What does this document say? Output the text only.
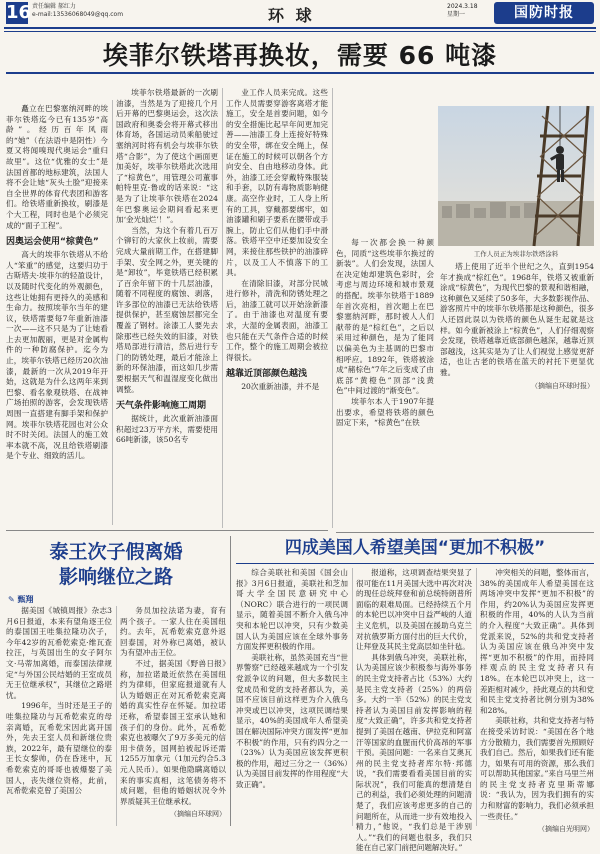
16 责任编辑 郝红力
e-mail:13536068049@qq.com	环 球	2024.3.18
星期一	国防时报
埃菲尔铁塔再换妆，需要 66 吨漆

矗立在巴黎塞纳河畔的埃菲尔铁塔迄今已有135岁“高龄”。经历百年风雨的“她”（在法语中是阴性）今夏又将闻嗅现代奥运会“重归故里”。这位“优雅的女士”是法国首都的地标建筑，法国人将不会让她“灰头土脸”迎接来自全世界的体育代表团和游客们。给铁塔重新换妆，刷漆是个大工程，同时也是个必须完成的“面子工程”。

因奥运会使用“棕黄色”

高大的埃菲尔铁塔从不给人“笨重”的感觉，这要归功于古斯塔夫·埃菲尔的轻盈设计，以及随时代变化的外观颜色，这些让她拥有更持久的美感和生命力。按照埃菲尔当年的建议，铁塔需要每7年重新油漆一次——这不只是为了让她看上去更加靓丽，更是对金属构件的一种防腐保护。迄今为止，埃菲尔铁塔已经历20次油漆，最新的一次从2019年开始，这就是为什么这两年来到巴黎、看名象观铁塔、在战神广场拍照的游客，会发现铁塔周围一直搭建有脚手架和保护网。埃菲尔铁塔花园也对公众时不时关闭。法国人的施工效率本就不高，况且给铁塔刷漆是个专业、细致的活儿。

埃菲尔铁塔最新的一次刷油漆，当然是为了迎接几个月后开幕的巴黎奥运会，这次法国政府和奥委会将开幕式移出体育场，各国运动员乘船驶过塞纳河时将有机会与埃菲尔铁塔“合影”，为了使这个画面更加美好，埃菲尔铁塔此次选用了“棕黄色”，用管理公司董事帕特里克·鲁或的话来说：“这是为了让埃菲尔铁塔在2024年巴黎奥运会期间看起来更加‘金光灿烂’！”。

当然，为这个有着几百万个铆钉的大家伙上妆前，需要完成大量前期工作，在搭建脚手架、安全网之外，更关键的是“卸妆”，毕竟铁塔已经积累了百余年留下的十几层油漆，随着不同程度的腐蚀、剥落，许多部位的油漆已无法给铁塔提供保护，甚至腐蚀层都完全覆盖了钢材。涂漆工人要先去除那些已经失效的旧漆，对铁塔局部进行清洁，然后进行专门的防锈处理，最后才能涂上新的环保油漆，而这如几步需要根据天气和温湿度变化做出调整。

天气条件影响施工周期

据统计，此次重新油漆面积超过23万平方米，需要使用66吨新漆，该50名专

业工作人员来完成。这些工作人员需要穿游客离塔才能施工，安全是首要问题，如今的安全措施比起早年间更加完善——油漆工身上连接好特殊的安全带，绑在安全绳上，保证在施工的时候可以朝各个方向安全、自由地移动身体。此外，油漆工还会穿戴特殊服装和手套，以防有毒物质影响健康。高空作业时，工人身上所有的工具，穿戴都要绑牢，如油漆罐和刷子要系在腰带或手腕上，防止它们从他们手中滑落。铁塔平空中还要加设安全网，来接住那些铁护的油漆碎片，以及工人不慎落下的工具。

在清除旧漆，对部分民城进行修补，清洗和防锈处理之后，油漆工就可以开始涂新漆了。由于油漆也对温度有要求，大湿的金属表面，油漆工也只能在天气条件合适的时候工作，整个的施工周期会被拉得很长。

越靠近顶部颜色越浅

20次重新油漆，并不是

每一次都会换一种颜色，同质“这些埃菲尔换过的新装”。人们会发现，法国人在决定她却建筑色彩时，会考虑与周边环境和城市景观的搭配。埃菲尔铁塔于1889年首次亮相，首次题上在巴黎塞纳河畔，那时被人人们献带的是“棕红色”，之后以采用过种颜色，是为了能同以偏美色为主基调的巴黎市相呼应。1892年，铁塔被涂成“赭棕色”7年之后变成了由底部“黄橙色”顶部“浅黄色”中间过渡的“渐变色”。

埃菲尔本人于1907年提出要求，希望将铁塔的颜色固定下来，“棕黄色”在铁

塔上使用了近半个世纪之久，直到1954年才换成“棕红色”。1968年，铁塔又被重新涂成“棕黄色”，为现代巴黎的景观和谐相融，这种颜色又延续了50多年，大多数影视作品、游客照片中的埃菲尔铁塔都是这种颜色，很多人还固此误以为铁塔的颜色从诞生起就是这样。如今重新被涂上“棕黄色”，人们仔细观察会发现，铁塔越靠近底部颜色越深，越靠近顶部越浅，这其实是为了让人们视觉上感觉更舒适，也让古老的铁塔在蓝天的衬托下更显优雅。

（摘编自环球时报）
工作人员正为埃菲尔铁塔涂料
四成美国人希望美国“更加不积极”

综合美联社和美国《国会山报》3月6日报道，美联社和芝加哥大学全国民意研究中心（NORC）联合进行的一项民调显示，随着美国不断介入俄乌冲突和本轮巴以冲突，只有少数美国人认为美国应该在全球外事务方面发挥更积极的作用。

美联社称，虽然美国充当“世界警察”已经越来越成为一个引发党派争议的问题，但大多数民主党成员和党的支持者都认为，美国不应该目前这样更为介入俄乌冲突或巴以冲突，这项民调结果显示，40%的美国成年人希望美国在解决国际冲突方面发挥“更加不积极”的作用，只有约四分之一（23%）认为美国应该发挥更积极的作用，超过三分之一（36%）认为美国目前发挥的作用程度“大致正确”。

报道称，这项调查结果突显了很可能在11月美国大选中再次对决的现任总统拜登和前总统特朗普所面临的艰难局面。已经持续五个月的本轮巴以冲突中日益严峻的人道主义危机，以及美国在援助乌克兰对抗俄罗斯方面付出的巨大代价，让拜登及其民主党高层如坐针毡。

具体到俄乌冲突，美联社称，认为美国应该少积极参与海外事务的民主党支持者占比（53%）大约是民主党支持者（25%）的两倍多。大约一半（52%）的民主党支持者认为美国目前发挥影响的程度“大致正确”，许多共和党支持者提到了美国在越南、伊拉克和阿富汗等国家的血腥而代价高昂的军事干预。美国问题：一名来自艾奥瓦州的民主党支持者库尔特·邦德说，“我们需要看看美国目前的实际状况”，我们可能真的想清楚自己的利益，我们必须处理的问题清楚了，我们应该考虑更多的自己的问题所在，从而进一步有效地投入精力，”他说，“我们总是干涉别人。”“我们的问题也很多，我们只能在自己家门前把问题解决好。”

冲突相关的问题，整体而言，38%的美国成年人希望美国在这两场冲突中发挥“更加不积极”的作用，约20%认为美国应发挥更积极的作用，40%的人认为当前的介入程度“大致正确”。具体到党派来说，52%的共和党支持者认为美国应该在俄乌冲突中发挥“更加不积极”的作用，而持同样观点的民主党支持者只有18%。在本轮巴以冲突上，这一差距相对减少，持此观点的共和党和民主党支持者比例分别为38%和28%。

美联社称，共和党支持者与特在接受采访时说：“美国在各个地方分散精力，我们需要首先照顾好我们自己。然后，如果我们还有能力，如果有可用的资源，那么我们可以帮助其他国家。”来自马里兰州的民主党支持者克里斯蒂娜说：“我认为，因为我们拥有的实力和财富的影响力，我们必须承担一些责任。”

（摘编自光明网）
泰王次子假离婚
影响继位之路
✎ 甄翔

据美国《城镇周报》杂志3月6日报道，本来有望角逐王位的泰国国王哇集拉隆功次子，今年42岁的瓦希乾索克·维瓦查拉汪，与英国出生的女子阿尔文·马蒂加离婚，而泰国法律规定“与外国公民结婚的王室成员无王位继承权”，其继位之路堪忧。

1996年，当时还是王子的哇集拉隆功与瓦希乾索克的母亲离婚，瓦希乾宋因此离开国外，先去王室人员和新继位贵族，2022年，最有望继位的泰王长女黎帅，仍在昏迷中，瓦希乾索克的哥哥也被爆娶了美国人，丧失继位资格，此前，瓦希乾索克曾了美国公

务员加拉法诺为妻，育有两个孩子。一家人住在美国纽约。去年，瓦希乾索克意外返回泰国，对外称已离婚，被认为有望冲击王位。

不过，据美国《野兽日报》称，加拉诺最近依然在美国纽约为律师，但家庭报道就有人认为婚姻正在对瓦希乾索克离婚的真实性存在怀疑。加拉诺还称，希望泰国王室承认她和孩子们的身份。此外，瓦希乾索克也被曝欠了9万多美元的信用卡债务，国网拍被起诉还需1255万加拿元（1加元约合5.3元人民币）。如果他隐瞒离婚以来的事实真相，这笔债务将不成问题，但他的婚姻状况令外界质疑其王位继承权。

（摘编自环球网）
